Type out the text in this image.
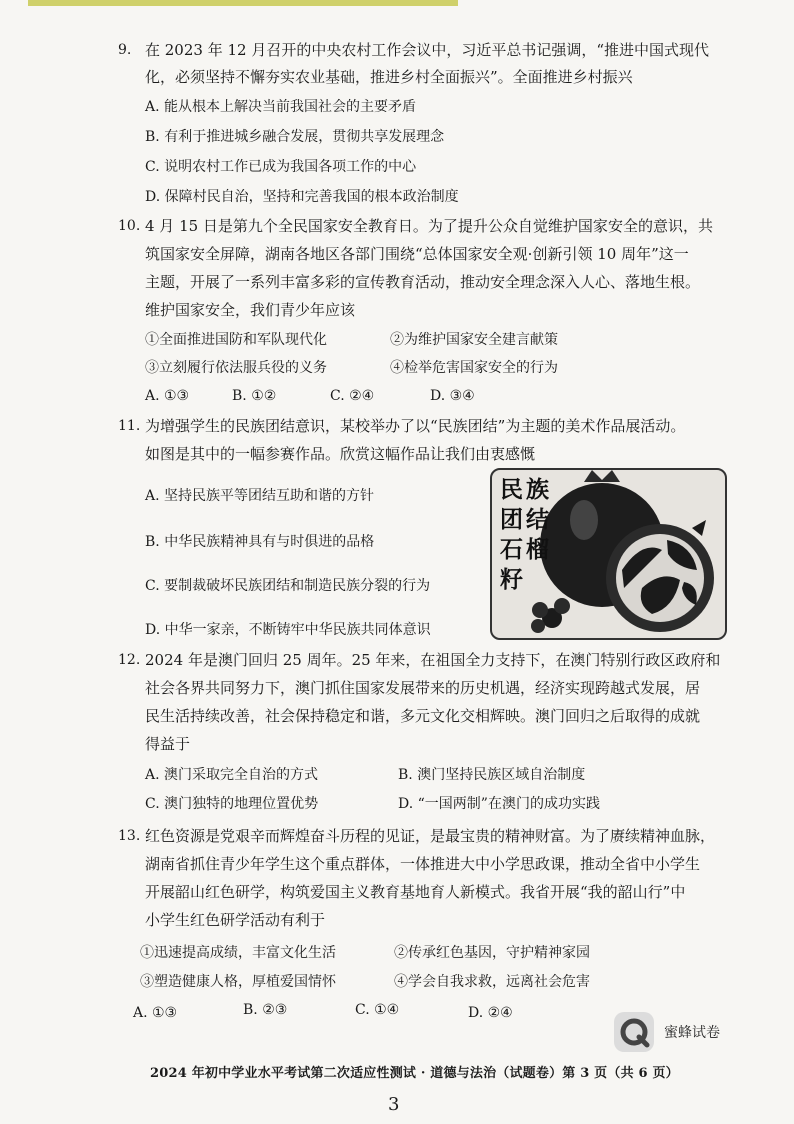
9. 在 2023 年 12 月召开的中央农村工作会议中，习近平总书记强调，“推进中国式现代
化，必须坚持不懈夯实农业基础，推进乡村全面振兴”。全面推进乡村振兴
A. 能从根本上解决当前我国社会的主要矛盾
B. 有利于推进城乡融合发展，贯彻共享发展理念
C. 说明农村工作已成为我国各项工作的中心
D. 保障村民自治，坚持和完善我国的根本政治制度
10. 4 月 15 日是第九个全民国家安全教育日。为了提升公众自觉维护国家安全的意识，共
筑国家安全屏障，湖南各地区各部门围绕“总体国家安全观·创新引领 10 周年”这一
主题，开展了一系列丰富多彩的宣传教育活动，推动安全理念深入人心、落地生根。
维护国家安全，我们青少年应该
①全面推进国防和军队现代化	②为维护国家安全建言献策
③立刻履行依法服兵役的义务	④检举危害国家安全的行为
A. ①③	B. ①②	C. ②④	D. ③④
11. 为增强学生的民族团结意识，某校举办了以“民族团结”为主题的美术作品展活动。
如图是其中的一幅参赛作品。欣赏这幅作品让我们由衷感慨
A. 坚持民族平等团结互助和谐的方针
B. 中华民族精神具有与时俱进的品格
C. 要制裁破坏民族团结和制造民族分裂的行为
D. 中华一家亲，不断铸牢中华民族共同体意识
民 族
团 结
石 榴
籽
12. 2024 年是澳门回归 25 周年。25 年来，在祖国全力支持下，在澳门特别行政区政府和
社会各界共同努力下，澳门抓住国家发展带来的历史机遇，经济实现跨越式发展，居
民生活持续改善，社会保持稳定和谐，多元文化交相辉映。澳门回归之后取得的成就
得益于
A. 澳门采取完全自治的方式	B. 澳门坚持民族区域自治制度
C. 澳门独特的地理位置优势	D. “一国两制”在澳门的成功实践
13. 红色资源是党艰辛而辉煌奋斗历程的见证，是最宝贵的精神财富。为了赓续精神血脉，
湖南省抓住青少年学生这个重点群体，一体推进大中小学思政课，推动全省中小学生
开展韶山红色研学，构筑爱国主义教育基地育人新模式。我省开展“我的韶山行”中
小学生红色研学活动有利于
①迅速提高成绩，丰富文化生活	②传承红色基因，守护精神家园
③塑造健康人格，厚植爱国情怀	④学会自我求救，远离社会危害
A. ①③	B. ②③	C. ①④	D. ②④
蜜蜂试卷
2024 年初中学业水平考试第二次适应性测试 · 道德与法治（试题卷）第 3 页（共 6 页）
3
